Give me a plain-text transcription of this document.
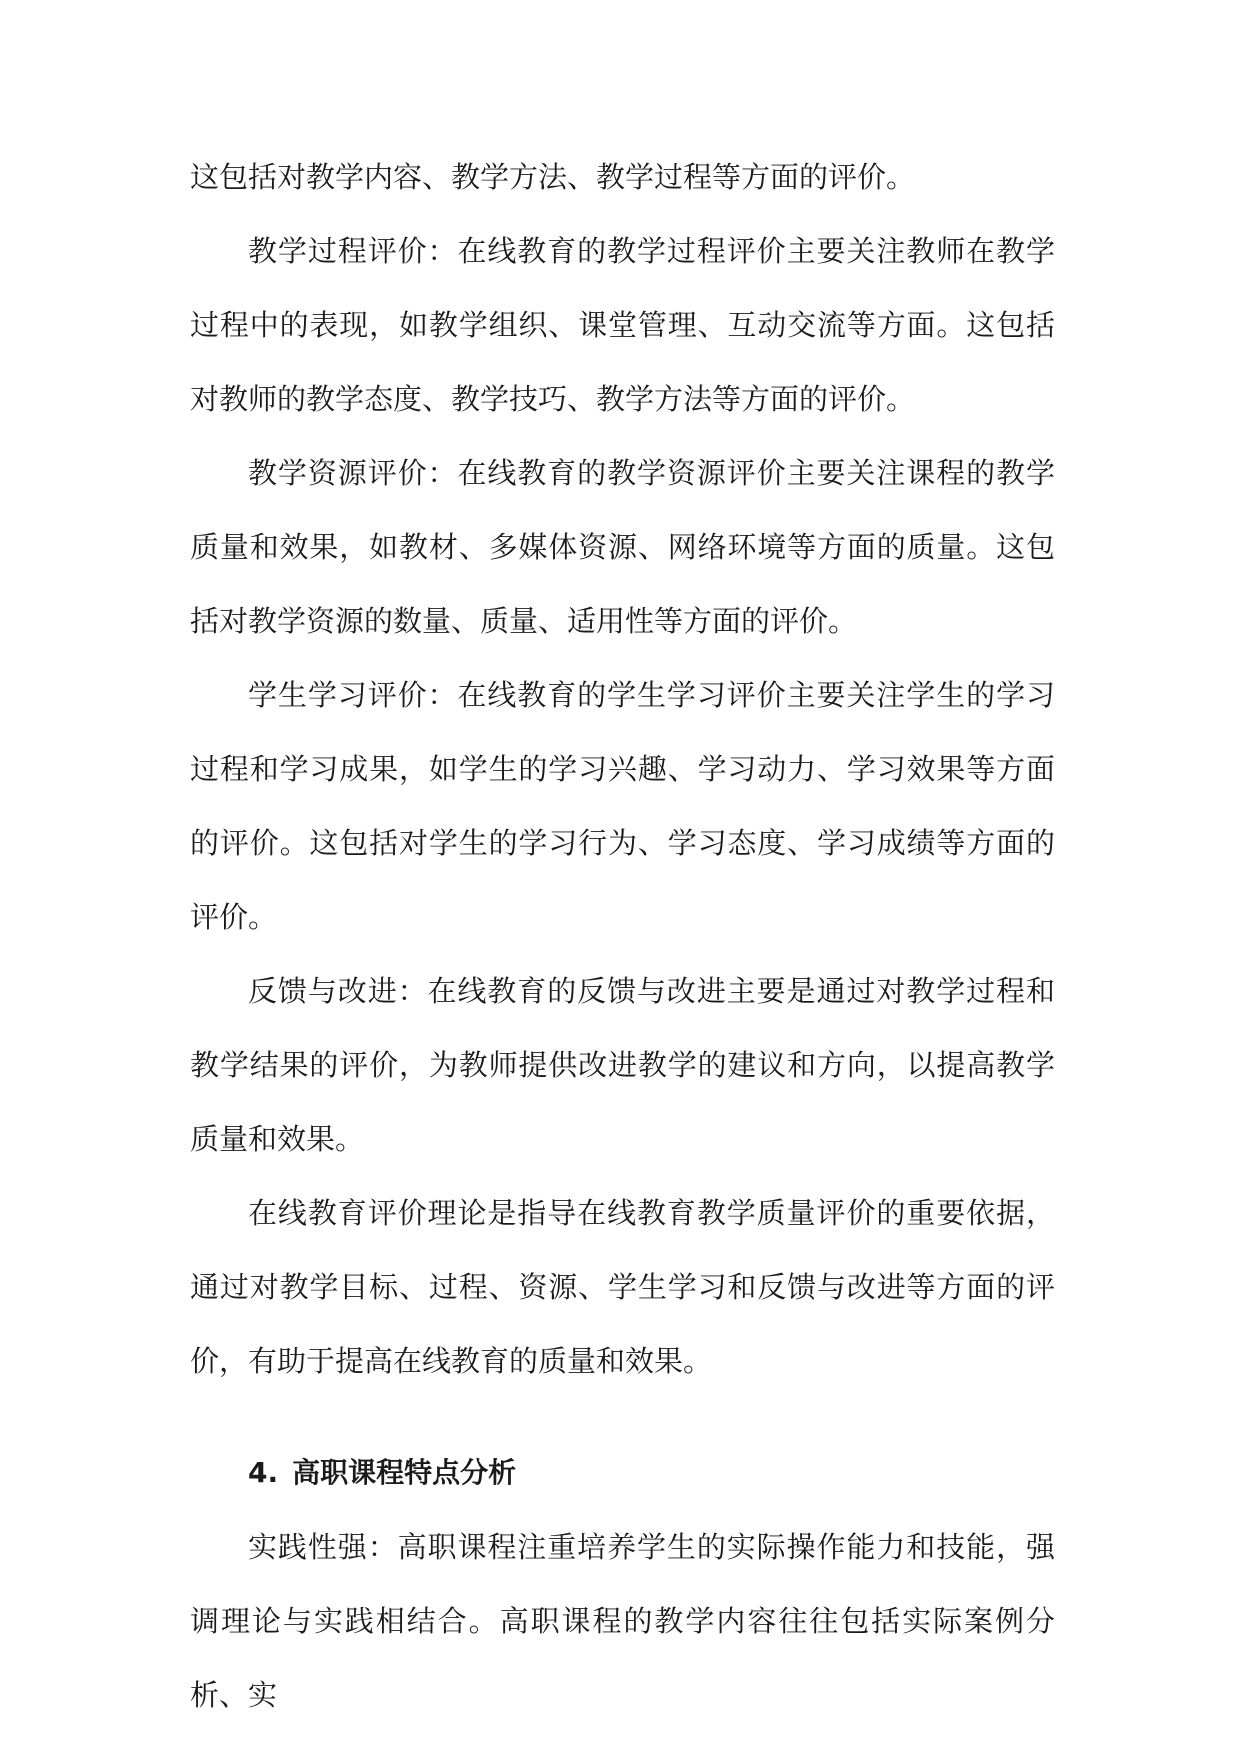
这包括对教学内容、教学方法、教学过程等方面的评价。

教学过程评价：在线教育的教学过程评价主要关注教师在教学过程中的表现，如教学组织、课堂管理、互动交流等方面。这包括对教师的教学态度、教学技巧、教学方法等方面的评价。

教学资源评价：在线教育的教学资源评价主要关注课程的教学质量和效果，如教材、多媒体资源、网络环境等方面的质量。这包括对教学资源的数量、质量、适用性等方面的评价。

学生学习评价：在线教育的学生学习评价主要关注学生的学习过程和学习成果，如学生的学习兴趣、学习动力、学习效果等方面的评价。这包括对学生的学习行为、学习态度、学习成绩等方面的评价。

反馈与改进：在线教育的反馈与改进主要是通过对教学过程和教学结果的评价，为教师提供改进教学的建议和方向，以提高教学质量和效果。

在线教育评价理论是指导在线教育教学质量评价的重要依据，通过对教学目标、过程、资源、学生学习和反馈与改进等方面的评价，有助于提高在线教育的质量和效果。

4. 高职课程特点分析

实践性强：高职课程注重培养学生的实际操作能力和技能，强调理论与实践相结合。高职课程的教学内容往往包括实际案例分析、实
